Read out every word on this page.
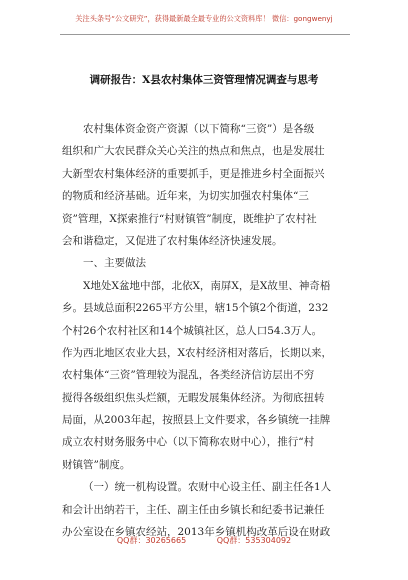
关注头条号“公文研究”，获得最新最全最专业的公文资料库！ 微信：gongwenyj
调研报告：X县农村集体三资管理情况调查与思考
农村集体资金资产资源（以下简称“三资”）是各级
组织和广大农民群众关心关注的热点和焦点，也是发展壮
大新型农村集体经济的重要抓手，更是推进乡村全面振兴
的物质和经济基础。近年来，为切实加强农村集体“三
资”管理，X探索推行“村财镇管”制度，既维护了农村社
会和谐稳定，又促进了农村集体经济快速发展。
一、主要做法
X地处X盆地中部，北依X，南屏X，是X故里、神奇梧
乡。县域总面积2265平方公里，辖15个镇2个街道，232
个村26个农村社区和14个城镇社区，总人口54.3万人。
作为西北地区农业大县，X农村经济相对落后，长期以来，
农村集体“三资”管理较为混乱，各类经济信访层出不穷
搅得各级组织焦头烂额，无暇发展集体经济。为彻底扭转
局面，从2003年起，按照县上文件要求，各乡镇统一挂牌
成立农村财务服务中心（以下简称农财中心），推行“村
财镇管”制度。
（一）统一机构设置。农财中心设主任、副主任各1人
和会计出纳若干，主任、副主任由乡镇长和纪委书记兼任
办公室设在乡镇农经站，2013年乡镇机构改革后设在财政
QQ群：30265665	QQ群：535304092
